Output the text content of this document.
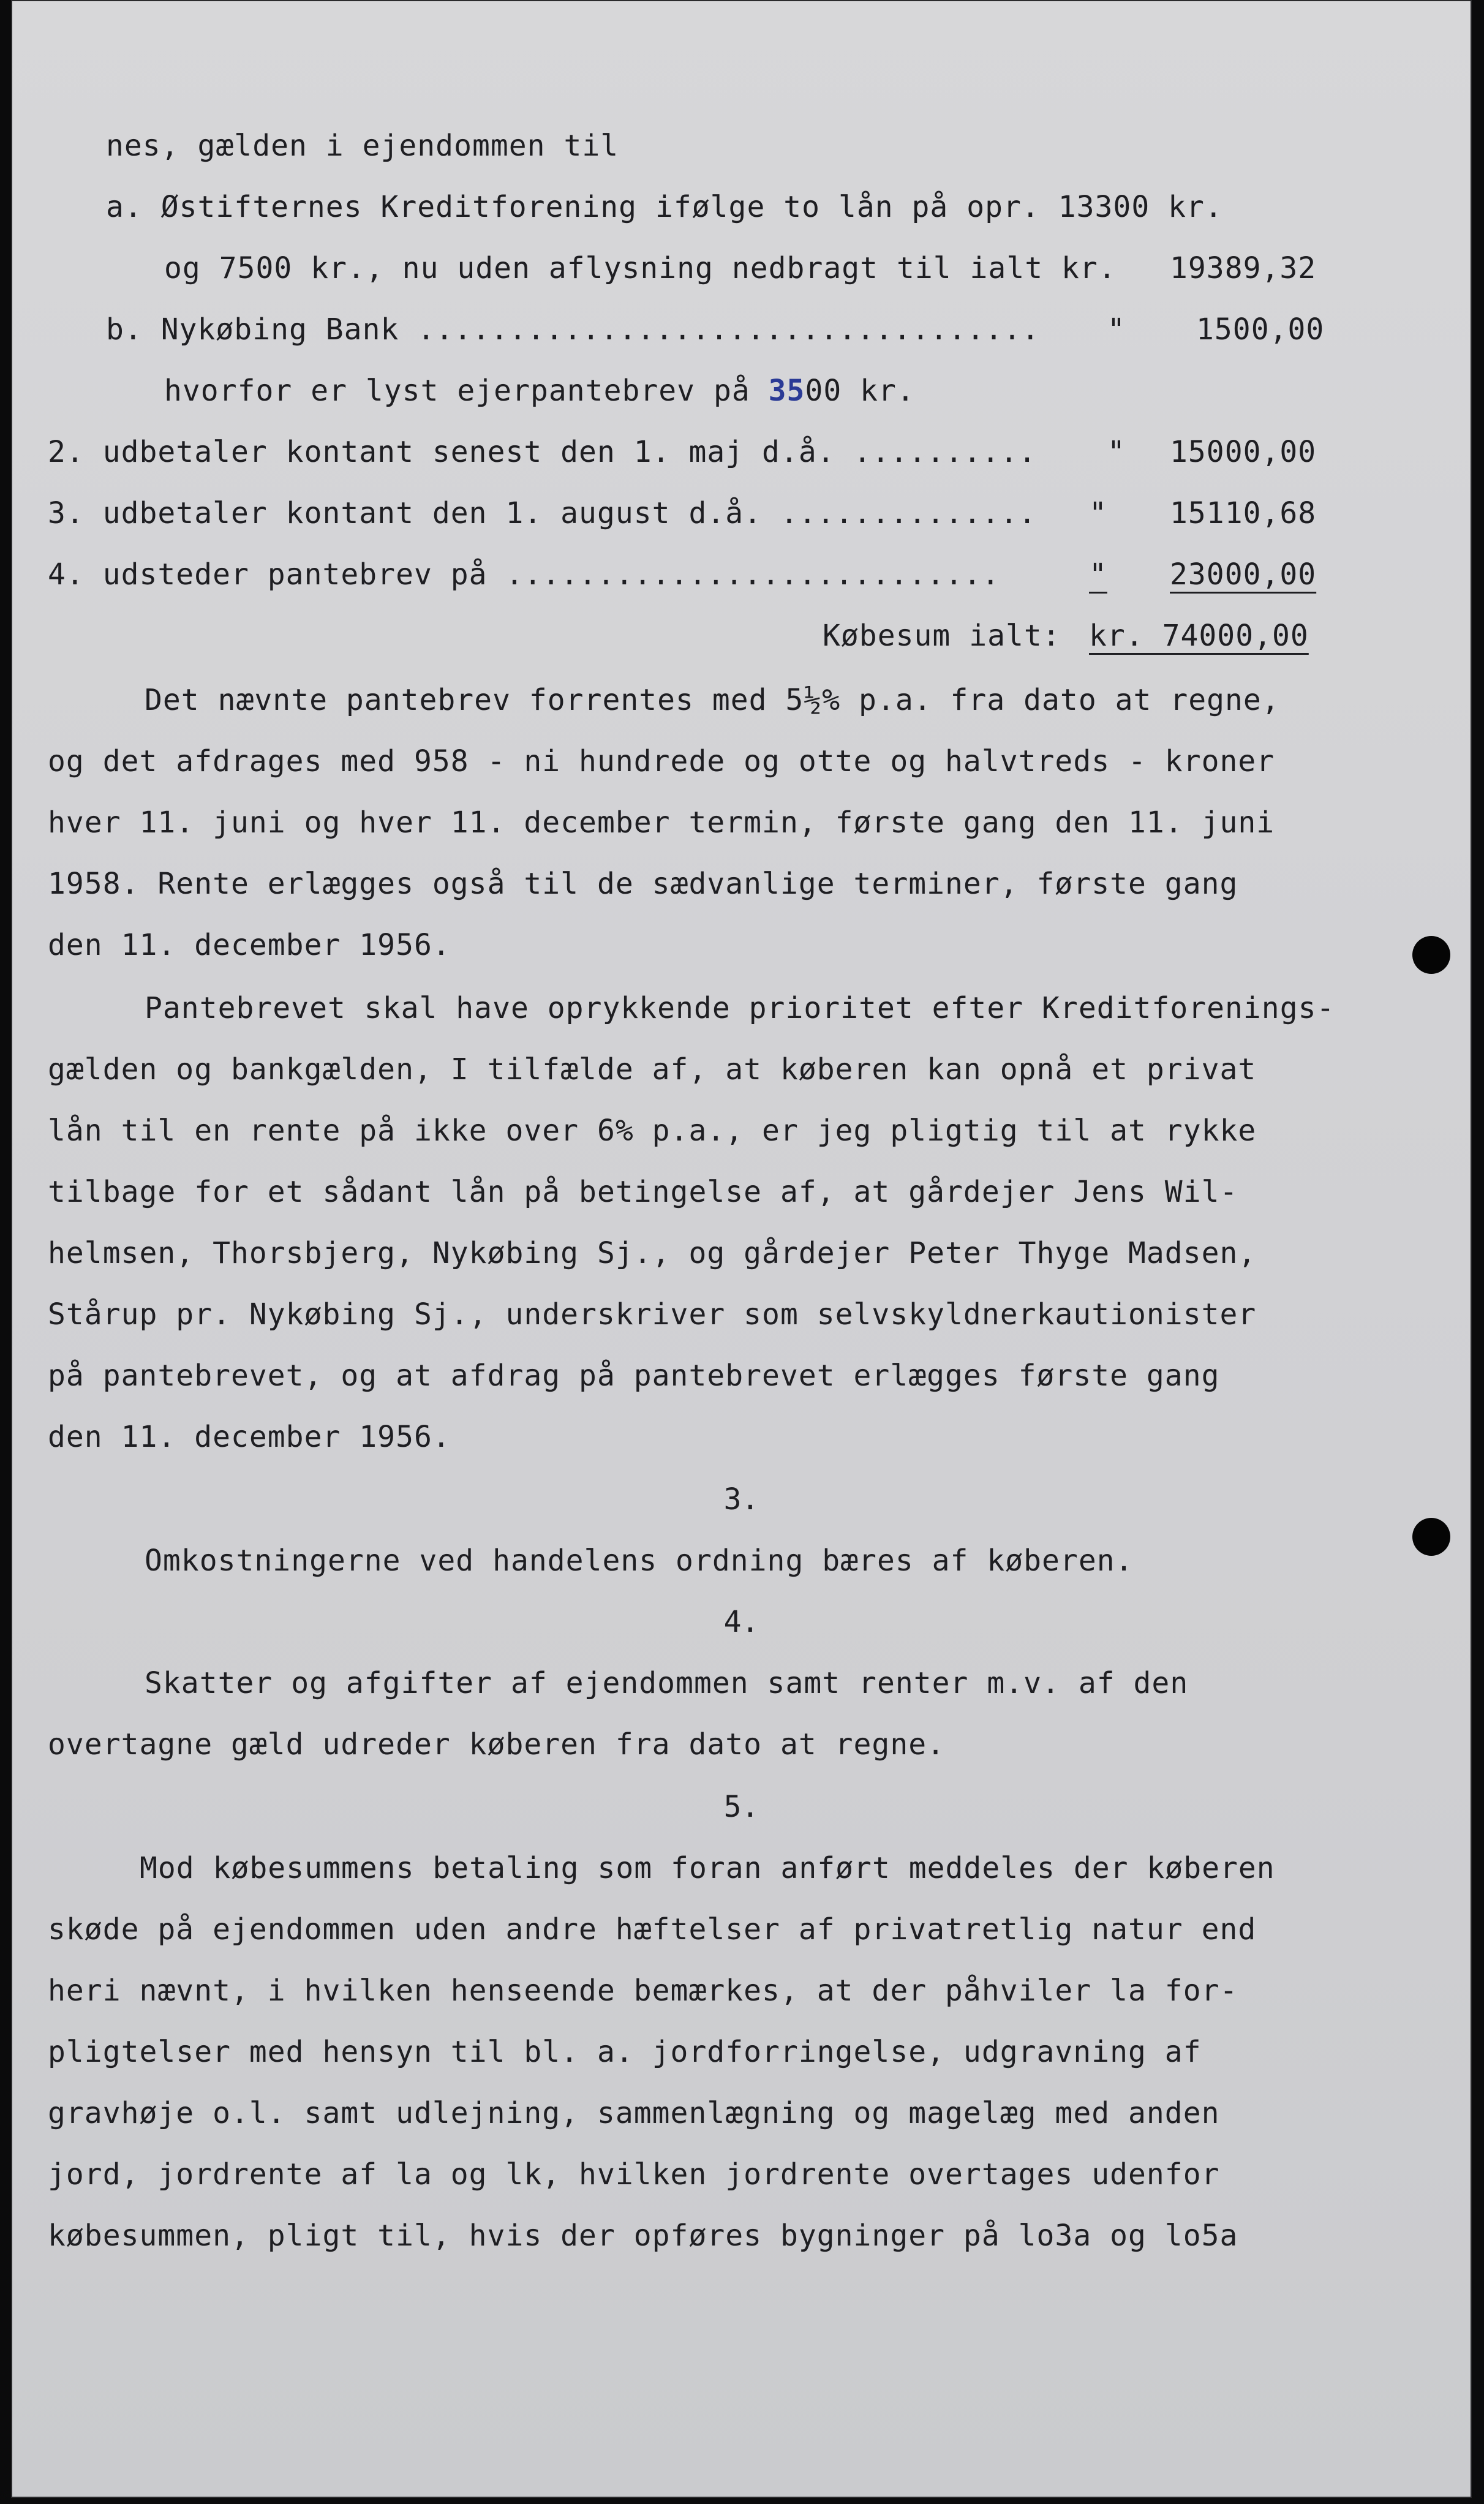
nes, gælden i ejendommen til

a. Østifternes Kreditforening ifølge to lån på opr. 13300 kr.

og 7500 kr., nu uden aflysning nedbragt til ialt kr.

19389,32

b. Nykøbing Bank ..................................

"

1500,00

hvorfor er lyst ejerpantebrev på 3500 kr.

2. udbetaler kontant senest den 1. maj d.å. ..........

"

15000,00

3. udbetaler kontant den 1. august d.å. ..............

"

15110,68

4. udsteder pantebrev på ...........................

	"

23000,00

Købesum ialt:

kr. 74000,00

Det nævnte pantebrev forrentes med 5½% p.a. fra dato at regne,
og det afdrages med 958 - ni hundrede og otte og halvtreds - kroner
hver 11. juni og hver 11. december termin, første gang den 11. juni
1958. Rente erlægges også til de sædvanlige terminer, første gang
den 11. december 1956.
Pantebrevet skal have oprykkende prioritet efter Kreditforenings-
gælden og bankgælden, I tilfælde af, at køberen kan opnå et privat
lån til en rente på ikke over 6% p.a., er jeg pligtig til at rykke
tilbage for et sådant lån på betingelse af, at gårdejer Jens Wil-
helmsen, Thorsbjerg, Nykøbing Sj., og gårdejer Peter Thyge Madsen,
Stårup pr. Nykøbing Sj., underskriver som selvskyldnerkautionister
på pantebrevet, og at afdrag på pantebrevet erlægges første gang
den 11. december 1956.
3.
Omkostningerne ved handelens ordning bæres af køberen.
4.
Skatter og afgifter af ejendommen samt renter m.v. af den
overtagne gæld udreder køberen fra dato at regne.
5.
Mod købesummens betaling som foran anført meddeles der køberen
skøde på ejendommen uden andre hæftelser af privatretlig natur end
heri nævnt, i hvilken henseende bemærkes, at der påhviler la for-
pligtelser med hensyn til bl. a. jordforringelse, udgravning af
gravhøje o.l. samt udlejning, sammenlægning og magelæg med anden
jord, jordrente af la og lk, hvilken jordrente overtages udenfor
købesummen, pligt til, hvis der opføres bygninger på lo3a og lo5a
